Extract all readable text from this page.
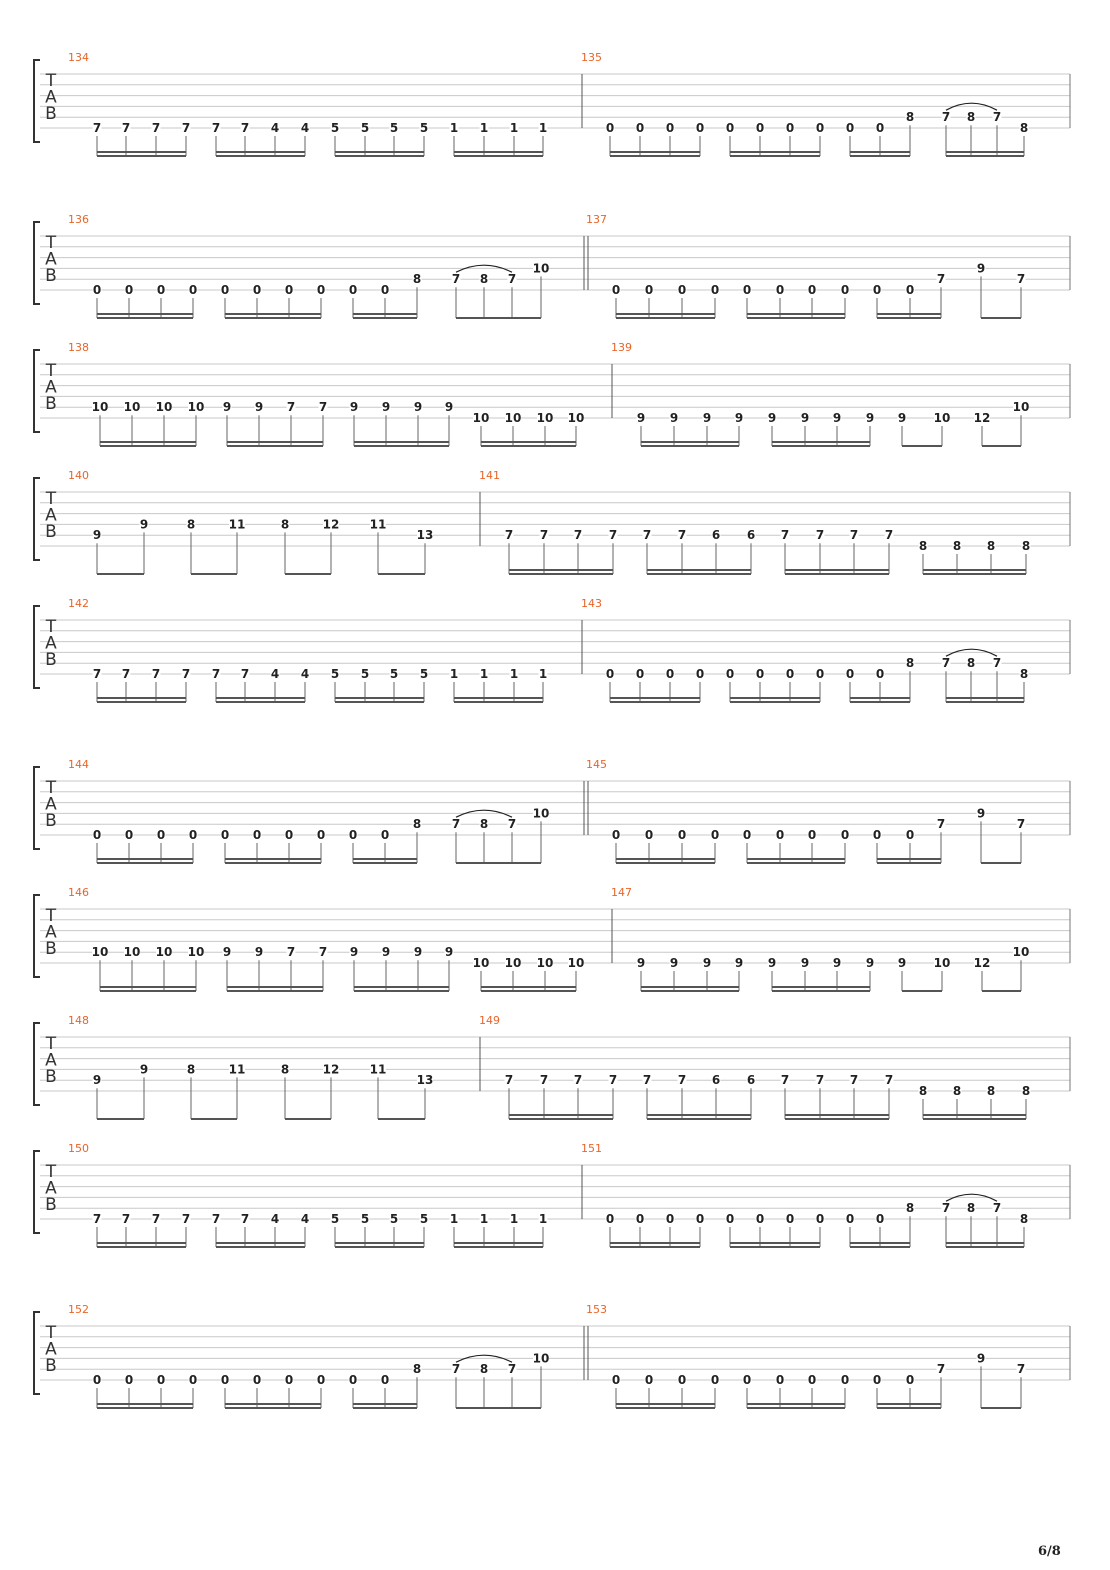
T
A
B
134
7 7 7 7 7 7 4 4 5 5 5 5 1 1 1 1
135
0 0 0 0 0 0 0 0 0 0
8 7 8 7
8
T
A
B
136
0 0 0 0 0 0 0 0 0 0
8	7 8 7
10
137
0 0 0 0 0 0 0 0 0 0
7
9
7
T
A
B
138
10 10 10 10 9 9 7 7 9 9 9 9
10 10 10 10
139
9 9 9 9 9 9 9 9 9 10 12
10
T
A
B
140
9
9	8	11	8	12	11
13
141
7 7 7 7 7 7 6 6 7 7 7 7
8 8 8 8
T
A
B
142
7 7 7 7 7 7 4 4 5 5 5 5 1 1 1 1
143
0 0 0 0 0 0 0 0 0 0
8 7 8 7
8
T
A
B
144
0 0 0 0 0 0 0 0 0 0
8	7 8 7
10
145
0 0 0 0 0 0 0 0 0 0
7
9
7
T
A
B
146
10 10 10 10 9 9 7 7 9 9 9 9
10 10 10 10
147
9 9 9 9 9 9 9 9 9 10 12
10
T
A
B
148
9
9	8	11	8	12	11
13
149
7 7 7 7 7 7 6 6 7 7 7 7
8 8 8 8
T
A
B
150
7 7 7 7 7 7 4 4 5 5 5 5 1 1 1 1
151
0 0 0 0 0 0 0 0 0 0
8 7 8 7
8
T
A
B
152
0 0 0 0 0 0 0 0 0 0
8	7 8 7
10
153
0 0 0 0 0 0 0 0 0 0
7
9
7
6/8
